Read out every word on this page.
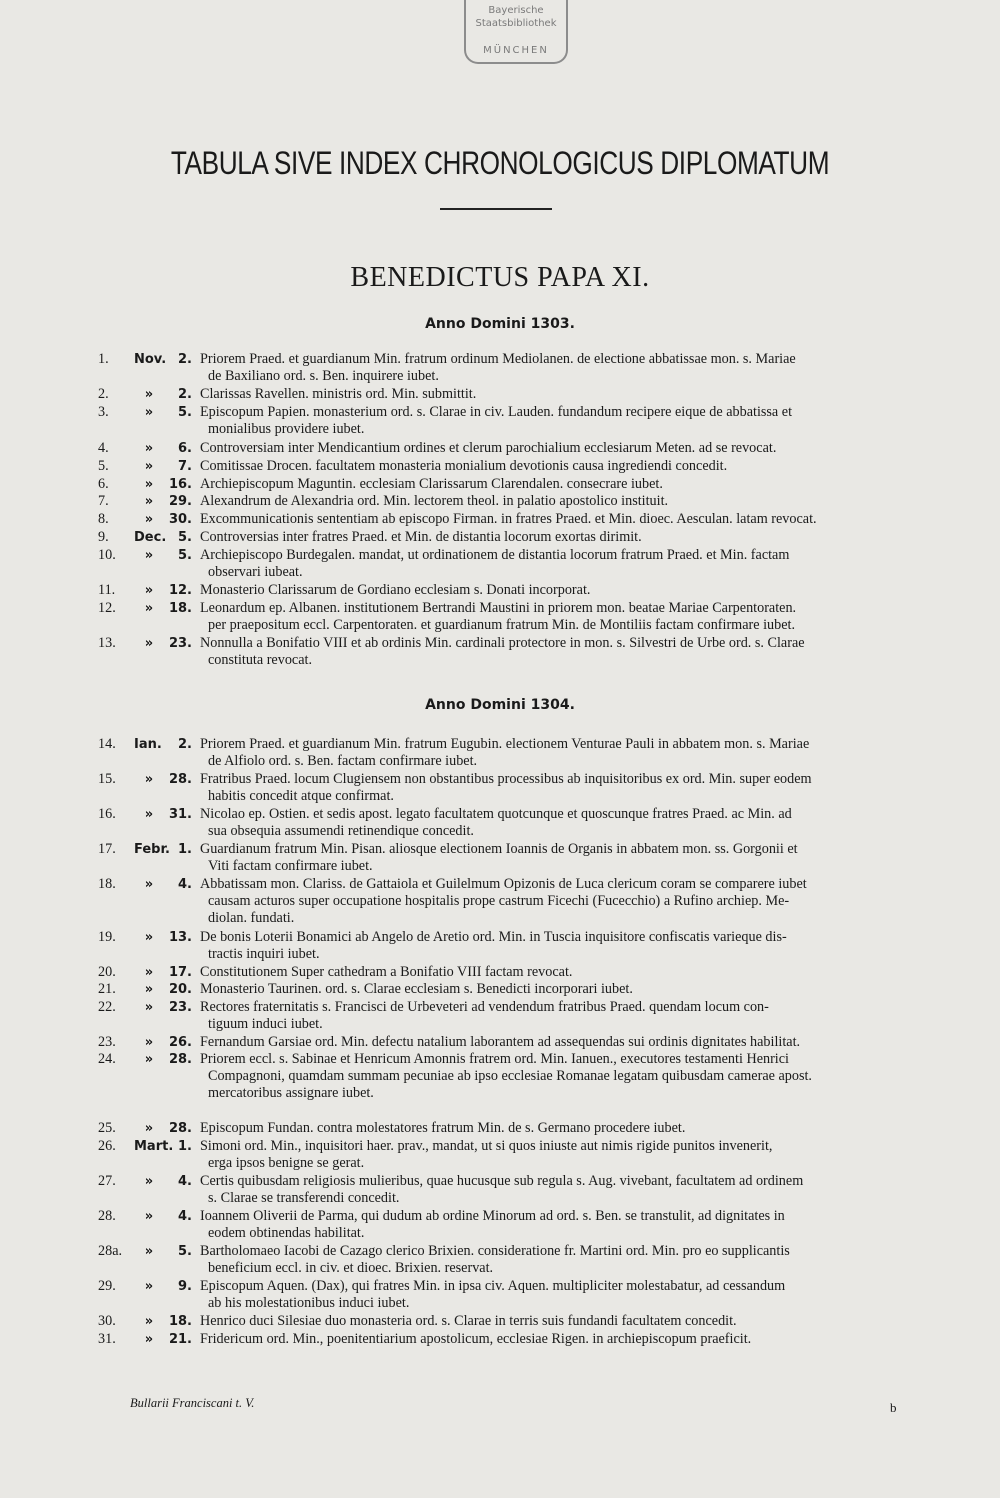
Bayerische
Staatsbibliothek
MÜNCHEN
TABULA SIVE INDEX CHRONOLOGICUS DIPLOMATUM
BENEDICTUS PAPA XI.
Anno Domini 1303.
Anno Domini 1304.
1.	Nov. 2. Priorem Praed. et guardianum Min. fratrum ordinum Mediolanen. de electione abbatissae mon. s. Mariae
de Baxiliano ord. s. Ben. inquirere iubet.
2.	»	2. Clarissas Ravellen. ministris ord. Min. submittit.
3.	»	5. Episcopum Papien. monasterium ord. s. Clarae in civ. Lauden. fundandum recipere eique de abbatissa et
monialibus providere iubet.
4.	»	6. Controversiam inter Mendicantium ordines et clerum parochialium ecclesiarum Meten. ad se revocat.
5.	»	7. Comitissae Drocen. facultatem monasteria monialium devotionis causa ingrediendi concedit.
6.	»	16. Archiepiscopum Maguntin. ecclesiam Clarissarum Clarendalen. consecrare iubet.
7.	»	29. Alexandrum de Alexandria ord. Min. lectorem theol. in palatio apostolico instituit.
8.	»	30. Excommunicationis sententiam ab episcopo Firman. in fratres Praed. et Min. dioec. Aesculan. latam revocat.
9.	Dec. 5. Controversias inter fratres Praed. et Min. de distantia locorum exortas dirimit.
10.	»	5. Archiepiscopo Burdegalen. mandat, ut ordinationem de distantia locorum fratrum Praed. et Min. factam
observari iubeat.
11.	»	12. Monasterio Clarissarum de Gordiano ecclesiam s. Donati incorporat.
12.	»	18. Leonardum ep. Albanen. institutionem Bertrandi Maustini in priorem mon. beatae Mariae Carpentoraten.
per praepositum eccl. Carpentoraten. et guardianum fratrum Min. de Montiliis factam confirmare iubet.
13.	»	23. Nonnulla a Bonifatio VIII et ab ordinis Min. cardinali protectore in mon. s. Silvestri de Urbe ord. s. Clarae
constituta revocat.
14.	Ian.	2. Priorem Praed. et guardianum Min. fratrum Eugubin. electionem Venturae Pauli in abbatem mon. s. Mariae
de Alfiolo ord. s. Ben. factam confirmare iubet.
15.	»	28. Fratribus Praed. locum Clugiensem non obstantibus processibus ab inquisitoribus ex ord. Min. super eodem
habitis concedit atque confirmat.
16.	»	31. Nicolao ep. Ostien. et sedis apost. legato facultatem quotcunque et quoscunque fratres Praed. ac Min. ad
sua obsequia assumendi retinendique concedit.
17.	Febr. 1. Guardianum fratrum Min. Pisan. aliosque electionem Ioannis de Organis in abbatem mon. ss. Gorgonii et
Viti factam confirmare iubet.
18.	»	4. Abbatissam mon. Clariss. de Gattaiola et Guilelmum Opizonis de Luca clericum coram se comparere iubet
causam acturos super occupatione hospitalis prope castrum Ficechi (Fucecchio) a Rufino archiep. Me-
diolan. fundati.
19.	»	13. De bonis Loterii Bonamici ab Angelo de Aretio ord. Min. in Tuscia inquisitore confiscatis varieque dis-
tractis inquiri iubet.
20.	»	17. Constitutionem Super cathedram a Bonifatio VIII factam revocat.
21.	»	20. Monasterio Taurinen. ord. s. Clarae ecclesiam s. Benedicti incorporari iubet.
22.	»	23. Rectores fraternitatis s. Francisci de Urbeveteri ad vendendum fratribus Praed. quendam locum con-
tiguum induci iubet.
23.	»	26. Fernandum Garsiae ord. Min. defectu natalium laborantem ad assequendas sui ordinis dignitates habilitat.
24.	»	28. Priorem eccl. s. Sabinae et Henricum Amonnis fratrem ord. Min. Ianuen., executores testamenti Henrici
Compagnoni, quamdam summam pecuniae ab ipso ecclesiae Romanae legatam quibusdam camerae apost.
mercatoribus assignare iubet.
25.	»	28. Episcopum Fundan. contra molestatores fratrum Min. de s. Germano procedere iubet.
26.	Mart. 1. Simoni ord. Min., inquisitori haer. prav., mandat, ut si quos iniuste aut nimis rigide punitos invenerit,
erga ipsos benigne se gerat.
27.	»	4. Certis quibusdam religiosis mulieribus, quae hucusque sub regula s. Aug. vivebant, facultatem ad ordinem
s. Clarae se transferendi concedit.
28.	»	4. Ioannem Oliverii de Parma, qui dudum ab ordine Minorum ad ord. s. Ben. se transtulit, ad dignitates in
eodem obtinendas habilitat.
28a.	»	5. Bartholomaeo Iacobi de Cazago clerico Brixien. consideratione fr. Martini ord. Min. pro eo supplicantis
beneficium eccl. in civ. et dioec. Brixien. reservat.
29.	»	9. Episcopum Aquen. (Dax), qui fratres Min. in ipsa civ. Aquen. multipliciter molestabatur, ad cessandum
ab his molestationibus induci iubet.
30.	»	18. Henrico duci Silesiae duo monasteria ord. s. Clarae in terris suis fundandi facultatem concedit.
31.	»	21. Fridericum ord. Min., poenitentiarium apostolicum, ecclesiae Rigen. in archiepiscopum praeficit.
Bullarii Franciscani t. V.	b
